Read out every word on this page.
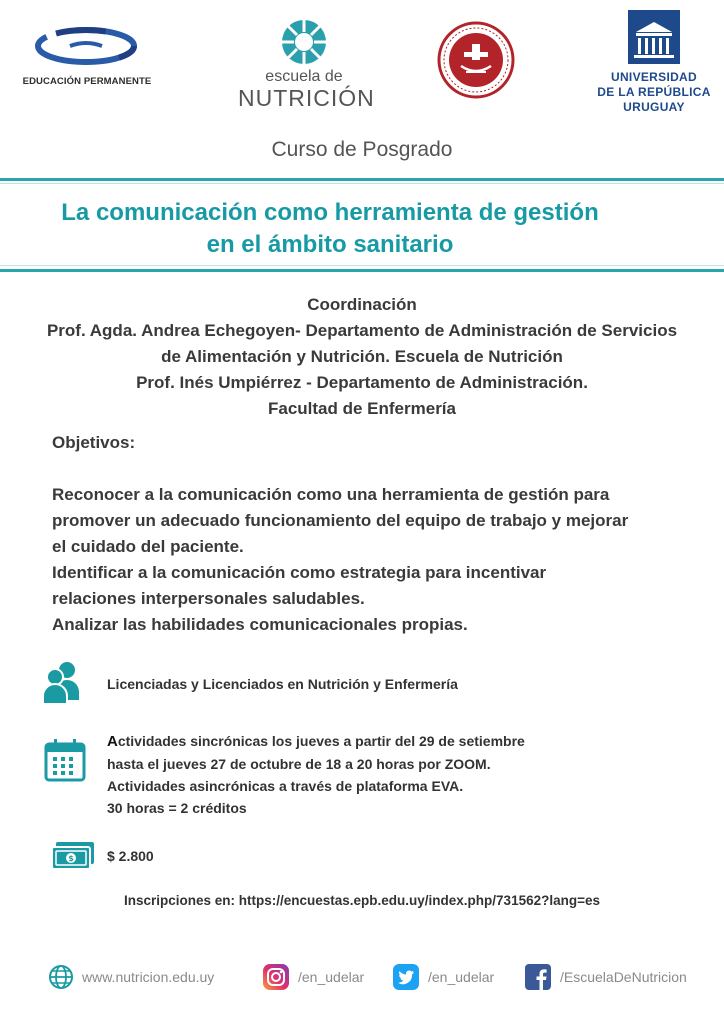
EDUCACIÓN PERMANENTE	escuela de
NUTRICIÓN
UNIVERSIDAD
DE LA REPÚBLICA
URUGUAY
Curso de Posgrado
La comunicación como herramienta de gestión
en el ámbito sanitario
Coordinación
Prof. Agda. Andrea Echegoyen- Departamento de Administración de Servicios
de Alimentación y Nutrición. Escuela de Nutrición
Prof. Inés Umpiérrez - Departamento de Administración.
Facultad de Enfermería
Objetivos:
Reconocer a la comunicación como una herramienta de gestión para
promover un adecuado funcionamiento del equipo de trabajo y mejorar
el cuidado del paciente.
Identificar a la comunicación como estrategia para incentivar
relaciones interpersonales saludables.
Analizar las habilidades comunicacionales propias.
Licenciadas y Licenciados en Nutrición y Enfermería
Actividades sincrónicas los jueves a partir del 29 de setiembre
hasta el jueves 27 de octubre de 18 a 20 horas por ZOOM.
Actividades asincrónicas a través de plataforma EVA.
30 horas = 2 créditos
$ $ 2.800
Inscripciones en: https://encuestas.epb.edu.uy/index.php/731562?lang=es
www.nutricion.edu.uy	/en_udelar	/en_udelar	/EscuelaDeNutricion
